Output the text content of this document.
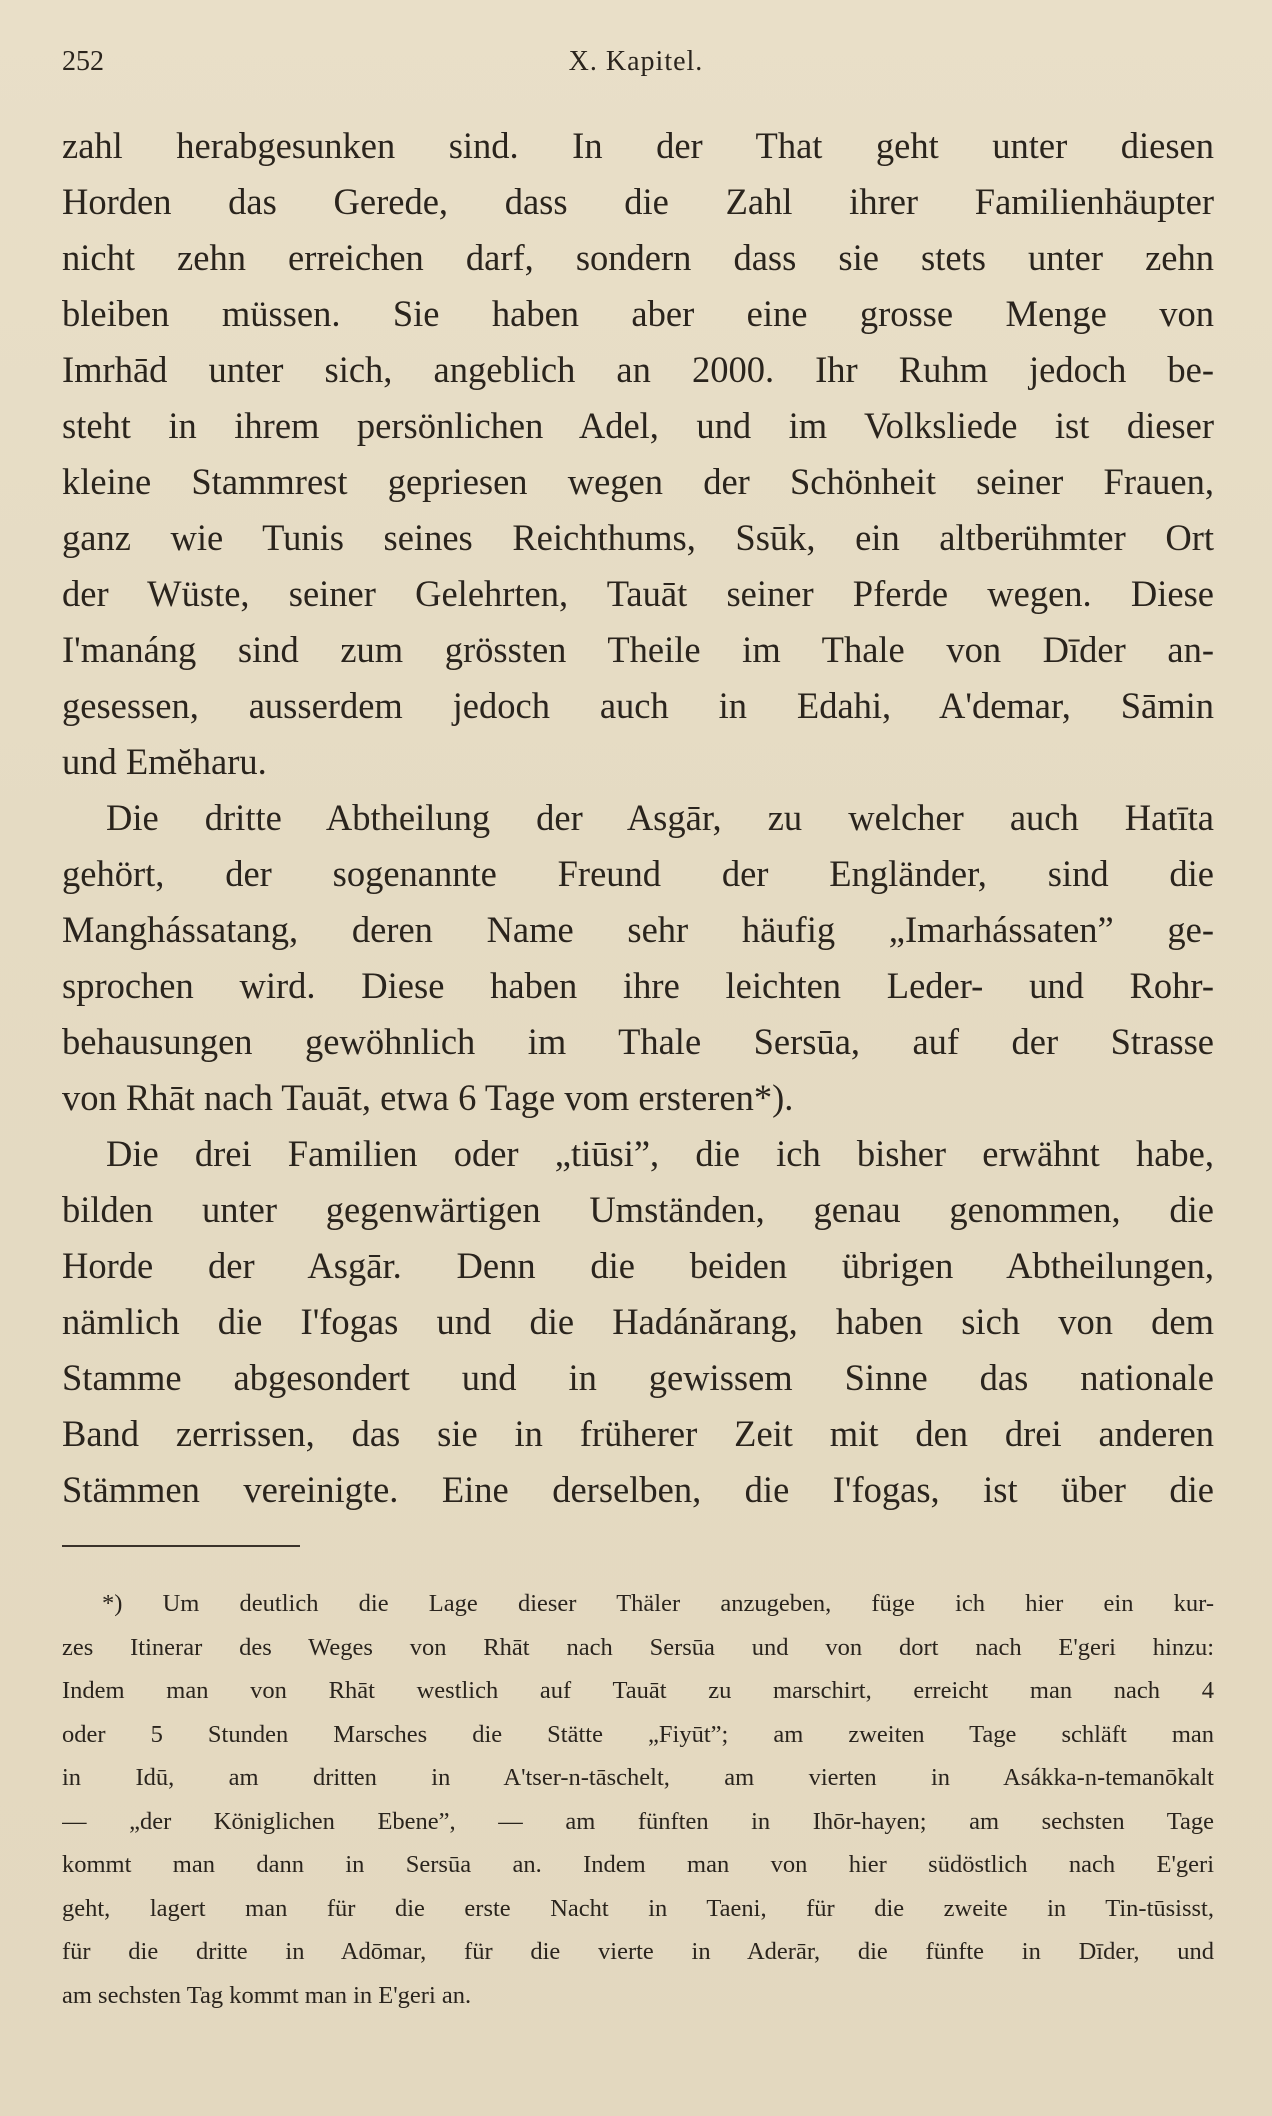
252	X. Kapitel.
zahl herabgesunken sind. In der That geht unter diesen
Horden das Gerede, dass die Zahl ihrer Familienhäupter
nicht zehn erreichen darf, sondern dass sie stets unter zehn
bleiben müssen. Sie haben aber eine grosse Menge von
Imrhād unter sich, angeblich an 2000. Ihr Ruhm jedoch be-
steht in ihrem persönlichen Adel, und im Volksliede ist dieser
kleine Stammrest gepriesen wegen der Schönheit seiner Frauen,
ganz wie Tunis seines Reichthums, Ssūk, ein altberühmter Ort
der Wüste, seiner Gelehrten, Tauāt seiner Pferde wegen. Diese
I'manáng sind zum grössten Theile im Thale von Dīder an-
gesessen, ausserdem jedoch auch in Edahi, A'demar, Sāmin
und Emĕharu.
Die dritte Abtheilung der Asgār, zu welcher auch Hatīta
gehört, der sogenannte Freund der Engländer, sind die
Manghássatang, deren Name sehr häufig „Imarhássaten” ge-
sprochen wird. Diese haben ihre leichten Leder- und Rohr-
behausungen gewöhnlich im Thale Sersūa, auf der Strasse
von Rhāt nach Tauāt, etwa 6 Tage vom ersteren*).
Die drei Familien oder „tiūsi”, die ich bisher erwähnt habe,
bilden unter gegenwärtigen Umständen, genau genommen, die
Horde der Asgār. Denn die beiden übrigen Abtheilungen,
nämlich die I'fogas und die Hadánărang, haben sich von dem
Stamme abgesondert und in gewissem Sinne das nationale
Band zerrissen, das sie in früherer Zeit mit den drei anderen
Stämmen vereinigte. Eine derselben, die I'fogas, ist über die
*) Um deutlich die Lage dieser Thäler anzugeben, füge ich hier ein kur-
zes Itinerar des Weges von Rhāt nach Sersūa und von dort nach E'geri hinzu:
Indem man von Rhāt westlich auf Tauāt zu marschirt, erreicht man nach 4
oder 5 Stunden Marsches die Stätte „Fiyūt”; am zweiten Tage schläft man
in Idū, am dritten in A'tser-n-tāschelt, am vierten in Asákka-n-temanōkalt
— „der Königlichen Ebene”, — am fünften in Ihōr-hayen; am sechsten Tage
kommt man dann in Sersūa an. Indem man von hier südöstlich nach E'geri
geht, lagert man für die erste Nacht in Taeni, für die zweite in Tin-tūsisst,
für die dritte in Adōmar, für die vierte in Aderār, die fünfte in Dīder, und
am sechsten Tag kommt man in E'geri an.
